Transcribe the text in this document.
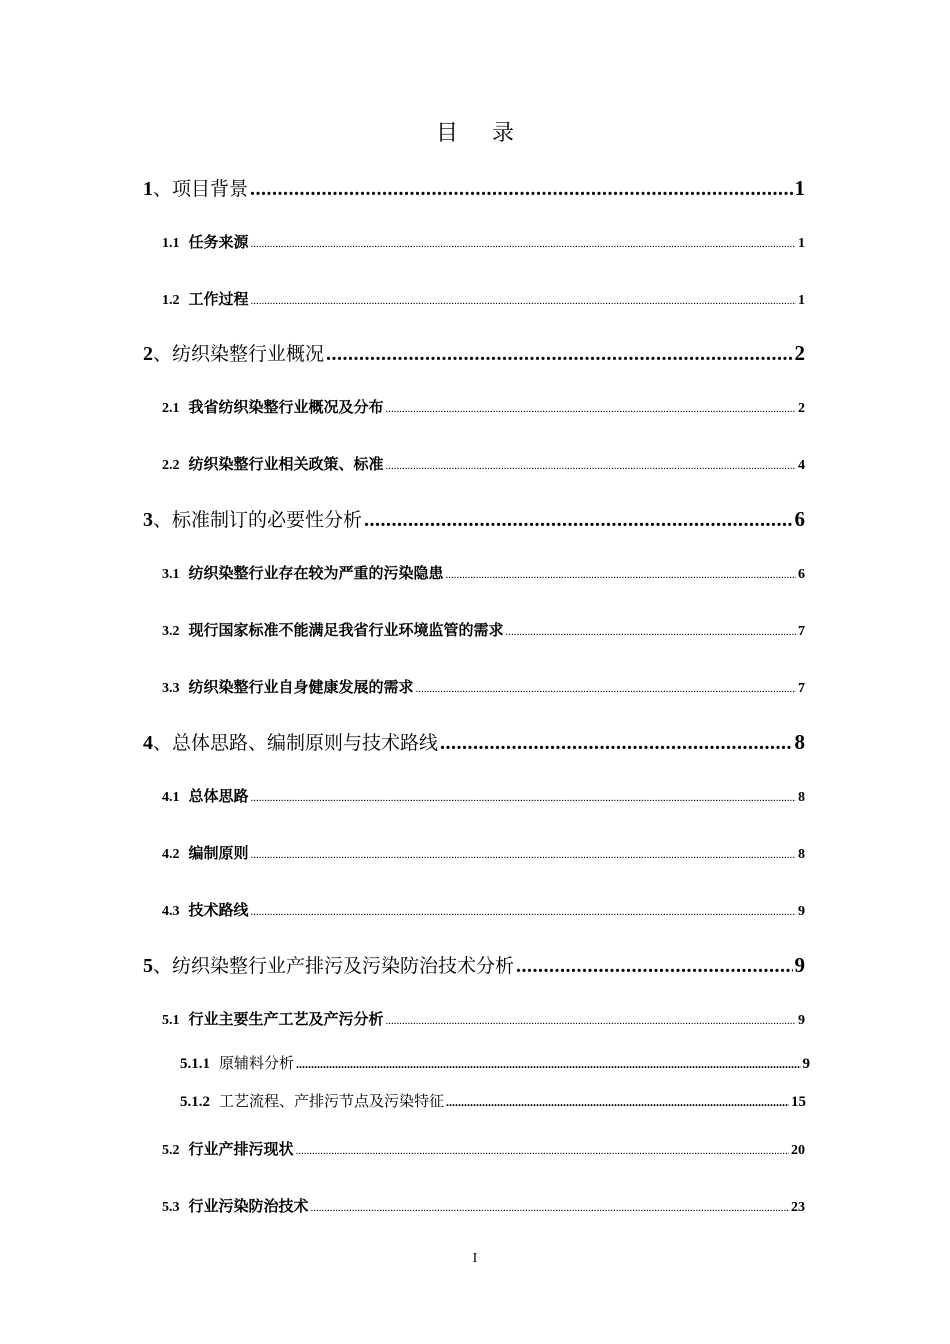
目录
1 、项目背景 .....	1
1.1 任务来源 .....	1
1.2 工作过程 .....	1
2 、纺织染整行业概况 .....	2
2.1 我省纺织染整行业概况及分布 .....	2
2.2 纺织染整行业相关政策、标准 .....	4
3 、标准制订的必要性分析 .....	6
3.1 纺织染整行业存在较为严重的污染隐患 .....	6
3.2 现行国家标准不能满足我省行业环境监管的需求 .....	7
3.3 纺织染整行业自身健康发展的需求 .....	7
4 、总体思路、编制原则与技术路线 .....	8
4.1 总体思路 .....	8
4.2 编制原则 .....	8
4.3 技术路线 .....	9
5 、纺织染整行业产排污及污染防治技术分析 .....	9
5.1 行业主要生产工艺及产污分析 .....	9
5.1.1 原辅料分析 .....	9
5.1.2 工艺流程、产排污节点及污染特征 .....	15
5.2 行业产排污现状 .....	20
5.3 行业污染防治技术 .....	23
I
